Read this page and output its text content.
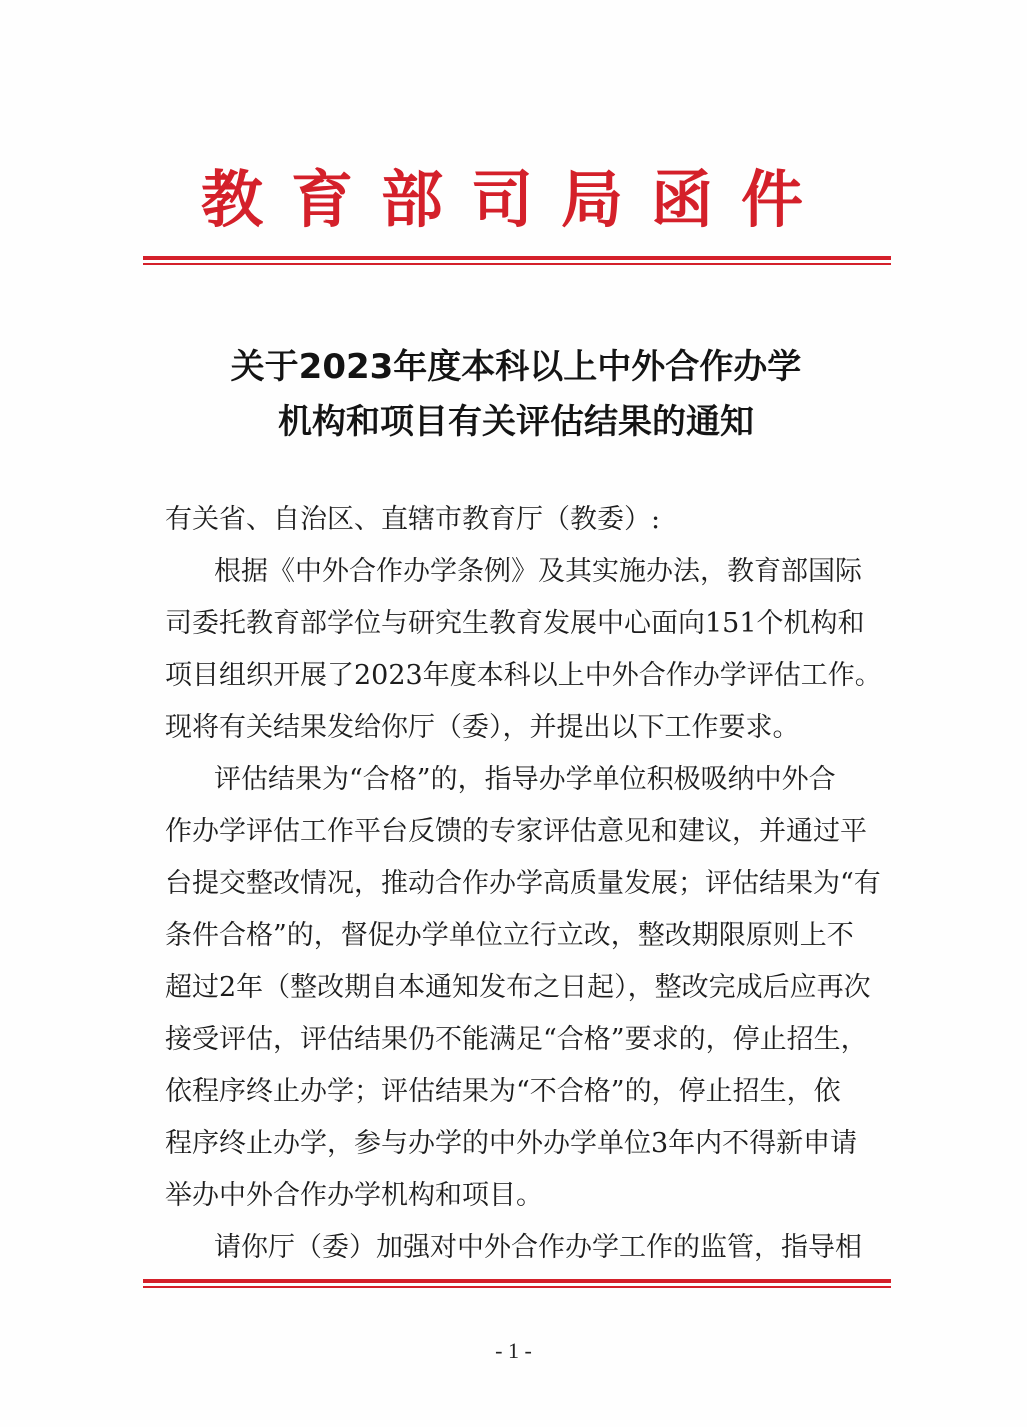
教育部司局函件
关于2023年度本科以上中外合作办学
机构和项目有关评估结果的通知
有关省、自治区、直辖市教育厅（教委）:
根据《中外合作办学条例》及其实施办法，教育部国际
司委托教育部学位与研究生教育发展中心面向151个机构和
项目组织开展了2023年度本科以上中外合作办学评估工作。
现将有关结果发给你厅（委），并提出以下工作要求。
评估结果为“合格”的，指导办学单位积极吸纳中外合
作办学评估工作平台反馈的专家评估意见和建议，并通过平
台提交整改情况，推动合作办学高质量发展；评估结果为“有
条件合格”的，督促办学单位立行立改，整改期限原则上不
超过2年（整改期自本通知发布之日起），整改完成后应再次
接受评估，评估结果仍不能满足“合格”要求的，停止招生，
依程序终止办学；评估结果为“不合格”的，停止招生，依
程序终止办学，参与办学的中外办学单位3年内不得新申请
举办中外合作办学机构和项目。
请你厅（委）加强对中外合作办学工作的监管，指导相
- 1 -
